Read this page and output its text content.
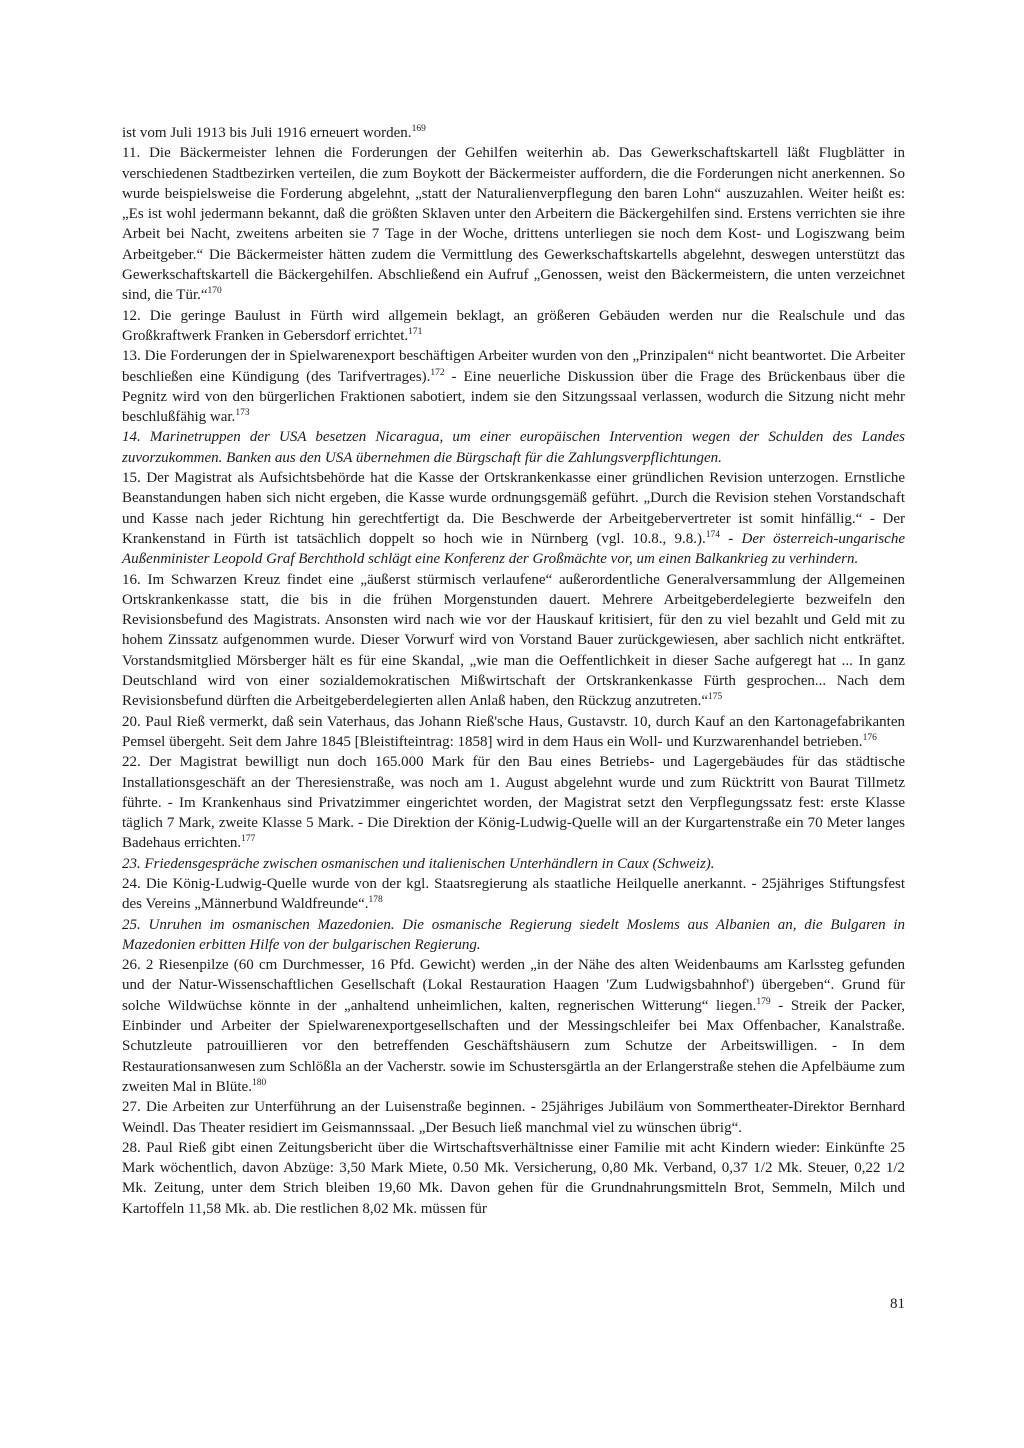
ist vom Juli 1913 bis Juli 1916 erneuert worden.$^{169}$

11. Die Bäckermeister lehnen die Forderungen der Gehilfen weiterhin ab. Das Gewerkschaftskartell läßt Flugblätter in verschiedenen Stadtbezirken verteilen, die zum Boykott der Bäckermeister auffordern, die die Forderungen nicht anerkennen. So wurde beispielsweise die Forderung abgelehnt, „statt der Naturalienverpflegung den baren Lohn“ auszuzahlen. Weiter heißt es: „Es ist wohl jedermann bekannt, daß die größten Sklaven unter den Arbeitern die Bäckergehilfen sind. Erstens verrichten sie ihre Arbeit bei Nacht, zweitens arbeiten sie 7 Tage in der Woche, drittens unterliegen sie noch dem Kost- und Logiszwang beim Arbeitgeber.“ Die Bäckermeister hätten zudem die Vermittlung des Gewerkschaftskartells abgelehnt, deswegen unterstützt das Gewerkschaftskartell die Bäckergehilfen. Abschließend ein Aufruf „Genossen, weist den Bäckermeistern, die unten verzeichnet sind, die Tür.“$^{170}$

12. Die geringe Baulust in Fürth wird allgemein beklagt, an größeren Gebäuden werden nur die Realschule und das Großkraftwerk Franken in Gebersdorf errichtet.$^{171}$

13. Die Forderungen der in Spielwarenexport beschäftigen Arbeiter wurden von den „Prinzipalen“ nicht beantwortet. Die Arbeiter beschließen eine Kündigung (des Tarifvertrages).$^{172}$ - Eine neuerliche Diskussion über die Frage des Brückenbaus über die Pegnitz wird von den bürgerlichen Fraktionen sabotiert, indem sie den Sitzungssaal verlassen, wodurch die Sitzung nicht mehr beschlußfähig war.$^{173}$

14. Marinetruppen der USA besetzen Nicaragua, um einer europäischen Intervention wegen der Schulden des Landes zuvorzukommen. Banken aus den USA übernehmen die Bürgschaft für die Zahlungsverpflichtungen.

15. Der Magistrat als Aufsichtsbehörde hat die Kasse der Ortskrankenkasse einer gründlichen Revision unterzogen. Ernstliche Beanstandungen haben sich nicht ergeben, die Kasse wurde ordnungsgemäß geführt. „Durch die Revision stehen Vorstandschaft und Kasse nach jeder Richtung hin gerechtfertigt da. Die Beschwerde der Arbeitgebervertreter ist somit hinfällig.“ - Der Krankenstand in Fürth ist tatsächlich doppelt so hoch wie in Nürnberg (vgl. 10.8., 9.8.).$^{174}$ - Der österreich-ungarische Außenminister Leopold Graf Berchthold schlägt eine Konferenz der Großmächte vor, um einen Balkankrieg zu verhindern.

16. Im Schwarzen Kreuz findet eine „äußerst stürmisch verlaufene“ außerordentliche Generalversammlung der Allgemeinen Ortskrankenkasse statt, die bis in die frühen Morgenstunden dauert. Mehrere Arbeitgeberdelegierte bezweifeln den Revisionsbefund des Magistrats. Ansonsten wird nach wie vor der Hauskauf kritisiert, für den zu viel bezahlt und Geld mit zu hohem Zinssatz aufgenommen wurde. Dieser Vorwurf wird von Vorstand Bauer zurückgewiesen, aber sachlich nicht entkräftet. Vorstandsmitglied Mörsberger hält es für eine Skandal, „wie man die Oeffentlichkeit in dieser Sache aufgeregt hat ... In ganz Deutschland wird von einer sozialdemokratischen Mißwirtschaft der Ortskrankenkasse Fürth gesprochen... Nach dem Revisionsbefund dürften die Arbeitgeberdelegierten allen Anlaß haben, den Rückzug anzutreten.“$^{175}$

20. Paul Rieß vermerkt, daß sein Vaterhaus, das Johann Rieß'sche Haus, Gustavstr. 10, durch Kauf an den Kartonagefabrikanten Pemsel übergeht. Seit dem Jahre 1845 [Bleistifteintrag: 1858] wird in dem Haus ein Woll- und Kurzwarenhandel betrieben.$^{176}$

22. Der Magistrat bewilligt nun doch 165.000 Mark für den Bau eines Betriebs- und Lagergebäudes für das städtische Installationsgeschäft an der Theresienstraße, was noch am 1. August abgelehnt wurde und zum Rücktritt von Baurat Tillmetz führte. - Im Krankenhaus sind Privatzimmer eingerichtet worden, der Magistrat setzt den Verpflegungssatz fest: erste Klasse täglich 7 Mark, zweite Klasse 5 Mark. - Die Direktion der König-Ludwig-Quelle will an der Kurgartenstraße ein 70 Meter langes Badehaus errichten.$^{177}$

23. Friedensgespräche zwischen osmanischen und italienischen Unterhändlern in Caux (Schweiz).

24. Die König-Ludwig-Quelle wurde von der kgl. Staatsregierung als staatliche Heilquelle anerkannt. - 25jähriges Stiftungsfest des Vereins „Männerbund Waldfreunde“.$^{178}$

25. Unruhen im osmanischen Mazedonien. Die osmanische Regierung siedelt Moslems aus Albanien an, die Bulgaren in Mazedonien erbitten Hilfe von der bulgarischen Regierung.

26. 2 Riesenpilze (60 cm Durchmesser, 16 Pfd. Gewicht) werden „in der Nähe des alten Weidenbaums am Karlssteg gefunden und der Natur-Wissenschaftlichen Gesellschaft (Lokal Restauration Haagen 'Zum Ludwigsbahnhof') übergeben“. Grund für solche Wildwüchse könnte in der „anhaltend unheimlichen, kalten, regnerischen Witterung“ liegen.$^{179}$ - Streik der Packer, Einbinder und Arbeiter der Spielwarenexportgesellschaften und der Messingschleifer bei Max Offenbacher, Kanalstraße. Schutzleute patrouillieren vor den betreffenden Geschäftshäusern zum Schutze der Arbeitswilligen. - In dem Restaurationsanwesen zum Schlößla an der Vacherstr. sowie im Schustersgärtla an der Erlangerstraße stehen die Apfelbäume zum zweiten Mal in Blüte.$^{180}$

27. Die Arbeiten zur Unterführung an der Luisenstraße beginnen. - 25jähriges Jubiläum von Sommertheater-Direktor Bernhard Weindl. Das Theater residiert im Geismannssaal. „Der Besuch ließ manchmal viel zu wünschen übrig“.

28. Paul Rieß gibt einen Zeitungsbericht über die Wirtschaftsverhältnisse einer Familie mit acht Kindern wieder: Einkünfte 25 Mark wöchentlich, davon Abzüge: 3,50 Mark Miete, 0.50 Mk. Versicherung, 0,80 Mk. Verband, 0,37 1/2 Mk. Steuer, 0,22 1/2 Mk. Zeitung, unter dem Strich bleiben 19,60 Mk. Davon gehen für die Grundnahrungsmitteln Brot, Semmeln, Milch und Kartoffeln 11,58 Mk. ab. Die restlichen 8,02 Mk. müssen für

81
